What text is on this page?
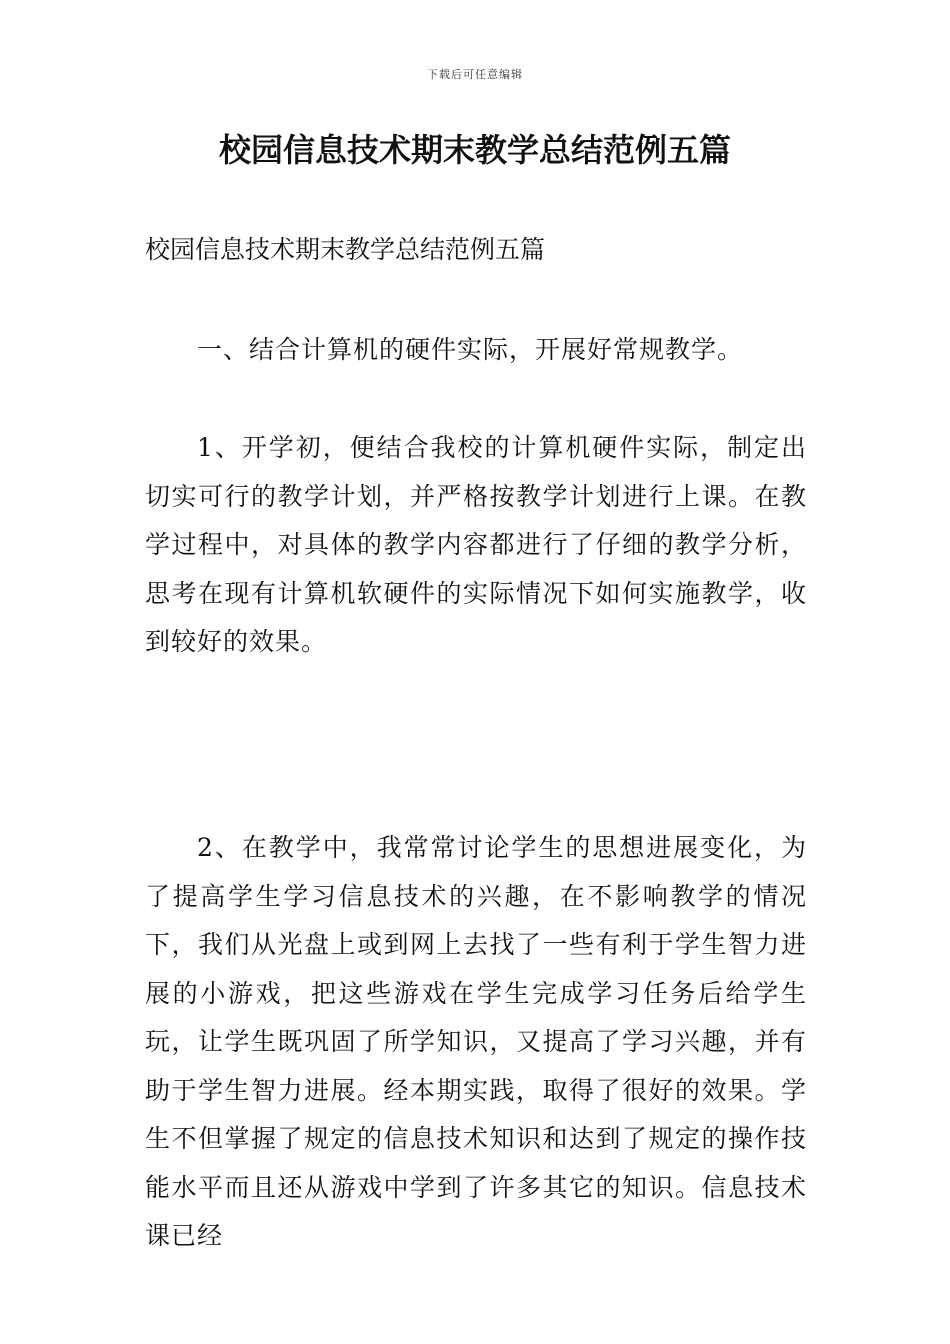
下载后可任意编辑
校园信息技术期末教学总结范例五篇

校园信息技术期末教学总结范例五篇

一、结合计算机的硬件实际，开展好常规教学。

1、开学初，便结合我校的计算机硬件实际，制定出切实可行的教学计划，并严格按教学计划进行上课。在教学过程中，对具体的教学内容都进行了仔细的教学分析，思考在现有计算机软硬件的实际情况下如何实施教学，收到较好的效果。

2、在教学中，我常常讨论学生的思想进展变化，为了提高学生学习信息技术的兴趣，在不影响教学的情况下，我们从光盘上或到网上去找了一些有利于学生智力进展的小游戏，把这些游戏在学生完成学习任务后给学生玩，让学生既巩固了所学知识，又提高了学习兴趣，并有助于学生智力进展。经本期实践，取得了很好的效果。学生不但掌握了规定的信息技术知识和达到了规定的操作技能水平而且还从游戏中学到了许多其它的知识。信息技术课已经
